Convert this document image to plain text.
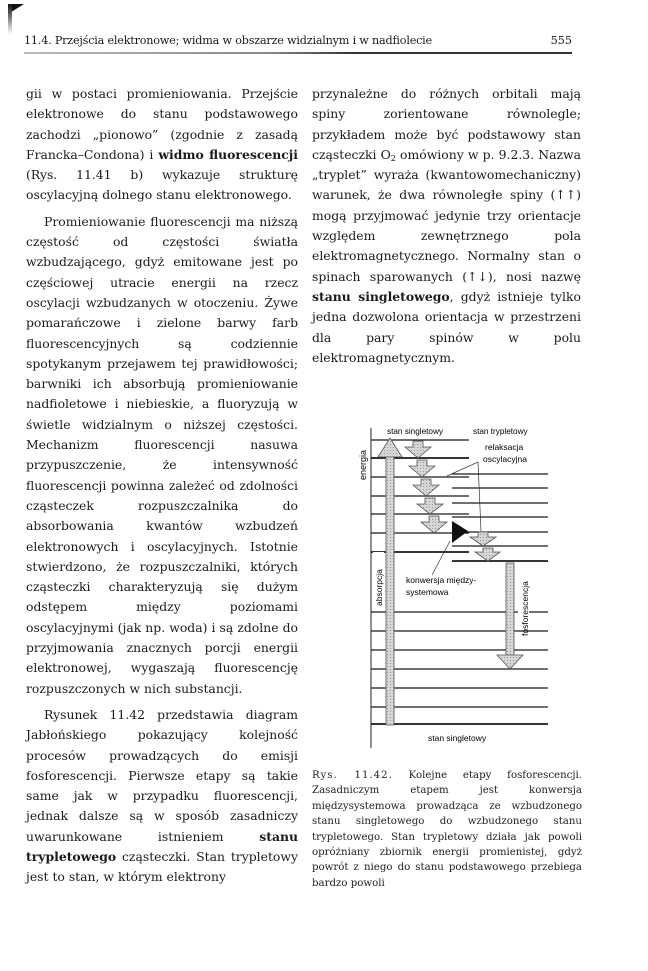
11.4. Przejścia elektronowe; widma w obszarze widzialnym i w nadfiolecie	555

gii w postaci promieniowania. Przejście elektronowe do stanu podstawowego zachodzi „pionowo” (zgodnie z zasadą Francka–Condona) i widmo fluorescencji (Rys. 11.41 b) wykazuje strukturę oscylacyjną dolnego stanu elektronowego.

Promieniowanie fluorescencji ma niższą częstość od częstości światła wzbudzającego, gdyż emitowane jest po częściowej utracie energii na rzecz oscylacji wzbudzanych w otoczeniu. Żywe pomarańczowe i zielone barwy farb fluorescencyjnych są codziennie spotykanym przejawem tej prawidłowości; barwniki ich absorbują promieniowanie nadfioletowe i niebieskie, a fluoryzują w świetle widzialnym o niższej częstości. Mechanizm fluorescencji nasuwa przypuszczenie, że intensywność fluorescencji powinna zależeć od zdolności cząsteczek rozpuszczalnika do absorbowania kwantów wzbudzeń elektronowych i oscylacyjnych. Istotnie stwierdzono, że rozpuszczalniki, których cząsteczki charakteryzują się dużym odstępem między poziomami oscylacyjnymi (jak np. woda) i są zdolne do przyjmowania znacznych porcji energii elektronowej, wygaszają fluorescencję rozpuszczonych w nich substancji.

Rysunek 11.42 przedstawia diagram Jabłońskiego pokazujący kolejność procesów prowadzących do emisji fosforescencji. Pierwsze etapy są takie same jak w przypadku fluorescencji, jednak dalsze są w sposób zasadniczy uwarunkowane istnieniem stanu trypletowego cząsteczki. Stan trypletowy jest to stan, w którym elektrony

przynależne do różnych orbitali mają spiny zorientowane równolegle; przykładem może być podstawowy stan cząsteczki $O_2$ omówiony w p. 9.2.3. Nazwa „tryplet” wyraża (kwantowomechaniczny) warunek, że dwa równoległe spiny (↑↑) mogą przyjmować jedynie trzy orientacje względem zewnętrznego pola elektromagnetycznego. Normalny stan o spinach sparowanych (↑↓), nosi nazwę stanu singletowego, gdyż istnieje tylko jedna dozwolona orientacja w przestrzeni dla pary spinów w polu elektromagnetycznym.

stan singletowy	stan trypletowy
relaksacja
oscylacyjna
energia
absorpcja	konwersja między-
systemowa	fosforescencja
stan singletowy
Rys. 11.42. Kolejne etapy fosforescencji. Zasadniczym etapem jest konwersja międzysystemowa prowadząca ze wzbudzonego stanu singletowego do wzbudzonego stanu trypletowego. Stan trypletowy działa jak powoli opróżniany zbiornik energii promienistej, gdyż powrót z niego do stanu podstawowego przebiega bardzo powoli
